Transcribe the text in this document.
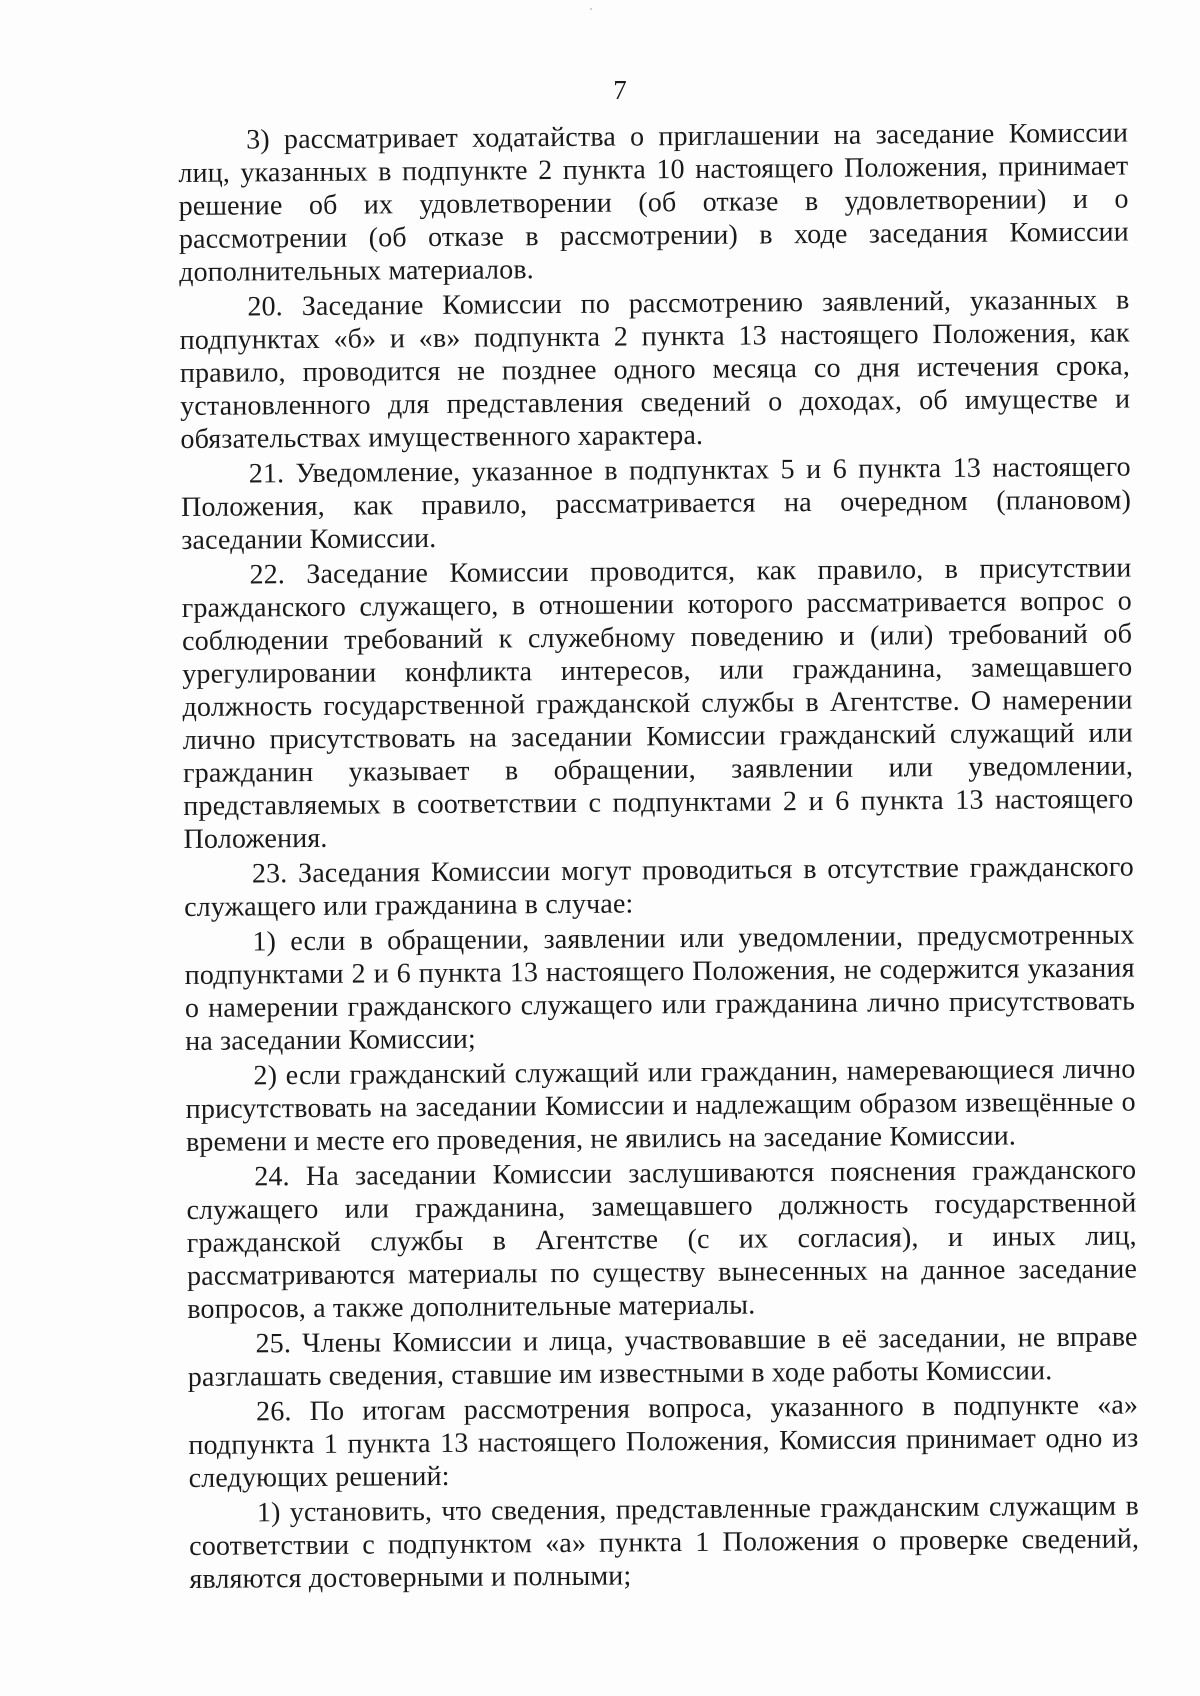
7

3) рассматривает ходатайства о приглашении на заседание Комиссии лиц, указанных в подпункте 2 пункта 10 настоящего Положения, принимает решение об их удовлетворении (об отказе в удовлетворении) и о рассмотрении (об отказе в рассмотрении) в ходе заседания Комиссии дополнительных материалов.

20. Заседание Комиссии по рассмотрению заявлений, указанных в подпунктах «б» и «в» подпункта 2 пункта 13 настоящего Положения, как правило, проводится не позднее одного месяца со дня истечения срока, установленного для представления сведений о доходах, об имуществе и обязательствах имущественного характера.

21. Уведомление, указанное в подпунктах 5 и 6 пункта 13 настоящего Положения, как правило, рассматривается на очередном (плановом) заседании Комиссии.

22. Заседание Комиссии проводится, как правило, в присутствии гражданского служащего, в отношении которого рассматривается вопрос о соблюдении требований к служебному поведению и (или) требований об урегулировании конфликта интересов, или гражданина, замещавшего должность государственной гражданской службы в Агентстве. О намерении лично присутствовать на заседании Комиссии гражданский служащий или гражданин указывает в обращении, заявлении или уведомлении, представляемых в соответствии с подпунктами 2 и 6 пункта 13 настоящего Положения.

23. Заседания Комиссии могут проводиться в отсутствие гражданского служащего или гражданина в случае:

1) если в обращении, заявлении или уведомлении, предусмотренных подпунктами 2 и 6 пункта 13 настоящего Положения, не содержится указания о намерении гражданского служащего или гражданина лично присутствовать на заседании Комиссии;

2) если гражданский служащий или гражданин, намеревающиеся лично присутствовать на заседании Комиссии и надлежащим образом извещённые о времени и месте его проведения, не явились на заседание Комиссии.

24. На заседании Комиссии заслушиваются пояснения гражданского служащего или гражданина, замещавшего должность государственной гражданской службы в Агентстве (с их согласия), и иных лиц, рассматриваются материалы по существу вынесенных на данное заседание вопросов, а также дополнительные материалы.

25. Члены Комиссии и лица, участвовавшие в её заседании, не вправе разглашать сведения, ставшие им известными в ходе работы Комиссии.

26. По итогам рассмотрения вопроса, указанного в подпункте «а» подпункта 1 пункта 13 настоящего Положения, Комиссия принимает одно из следующих решений:

1) установить, что сведения, представленные гражданским служащим в соответствии с подпунктом «а» пункта 1 Положения о проверке сведений, являются достоверными и полными;
